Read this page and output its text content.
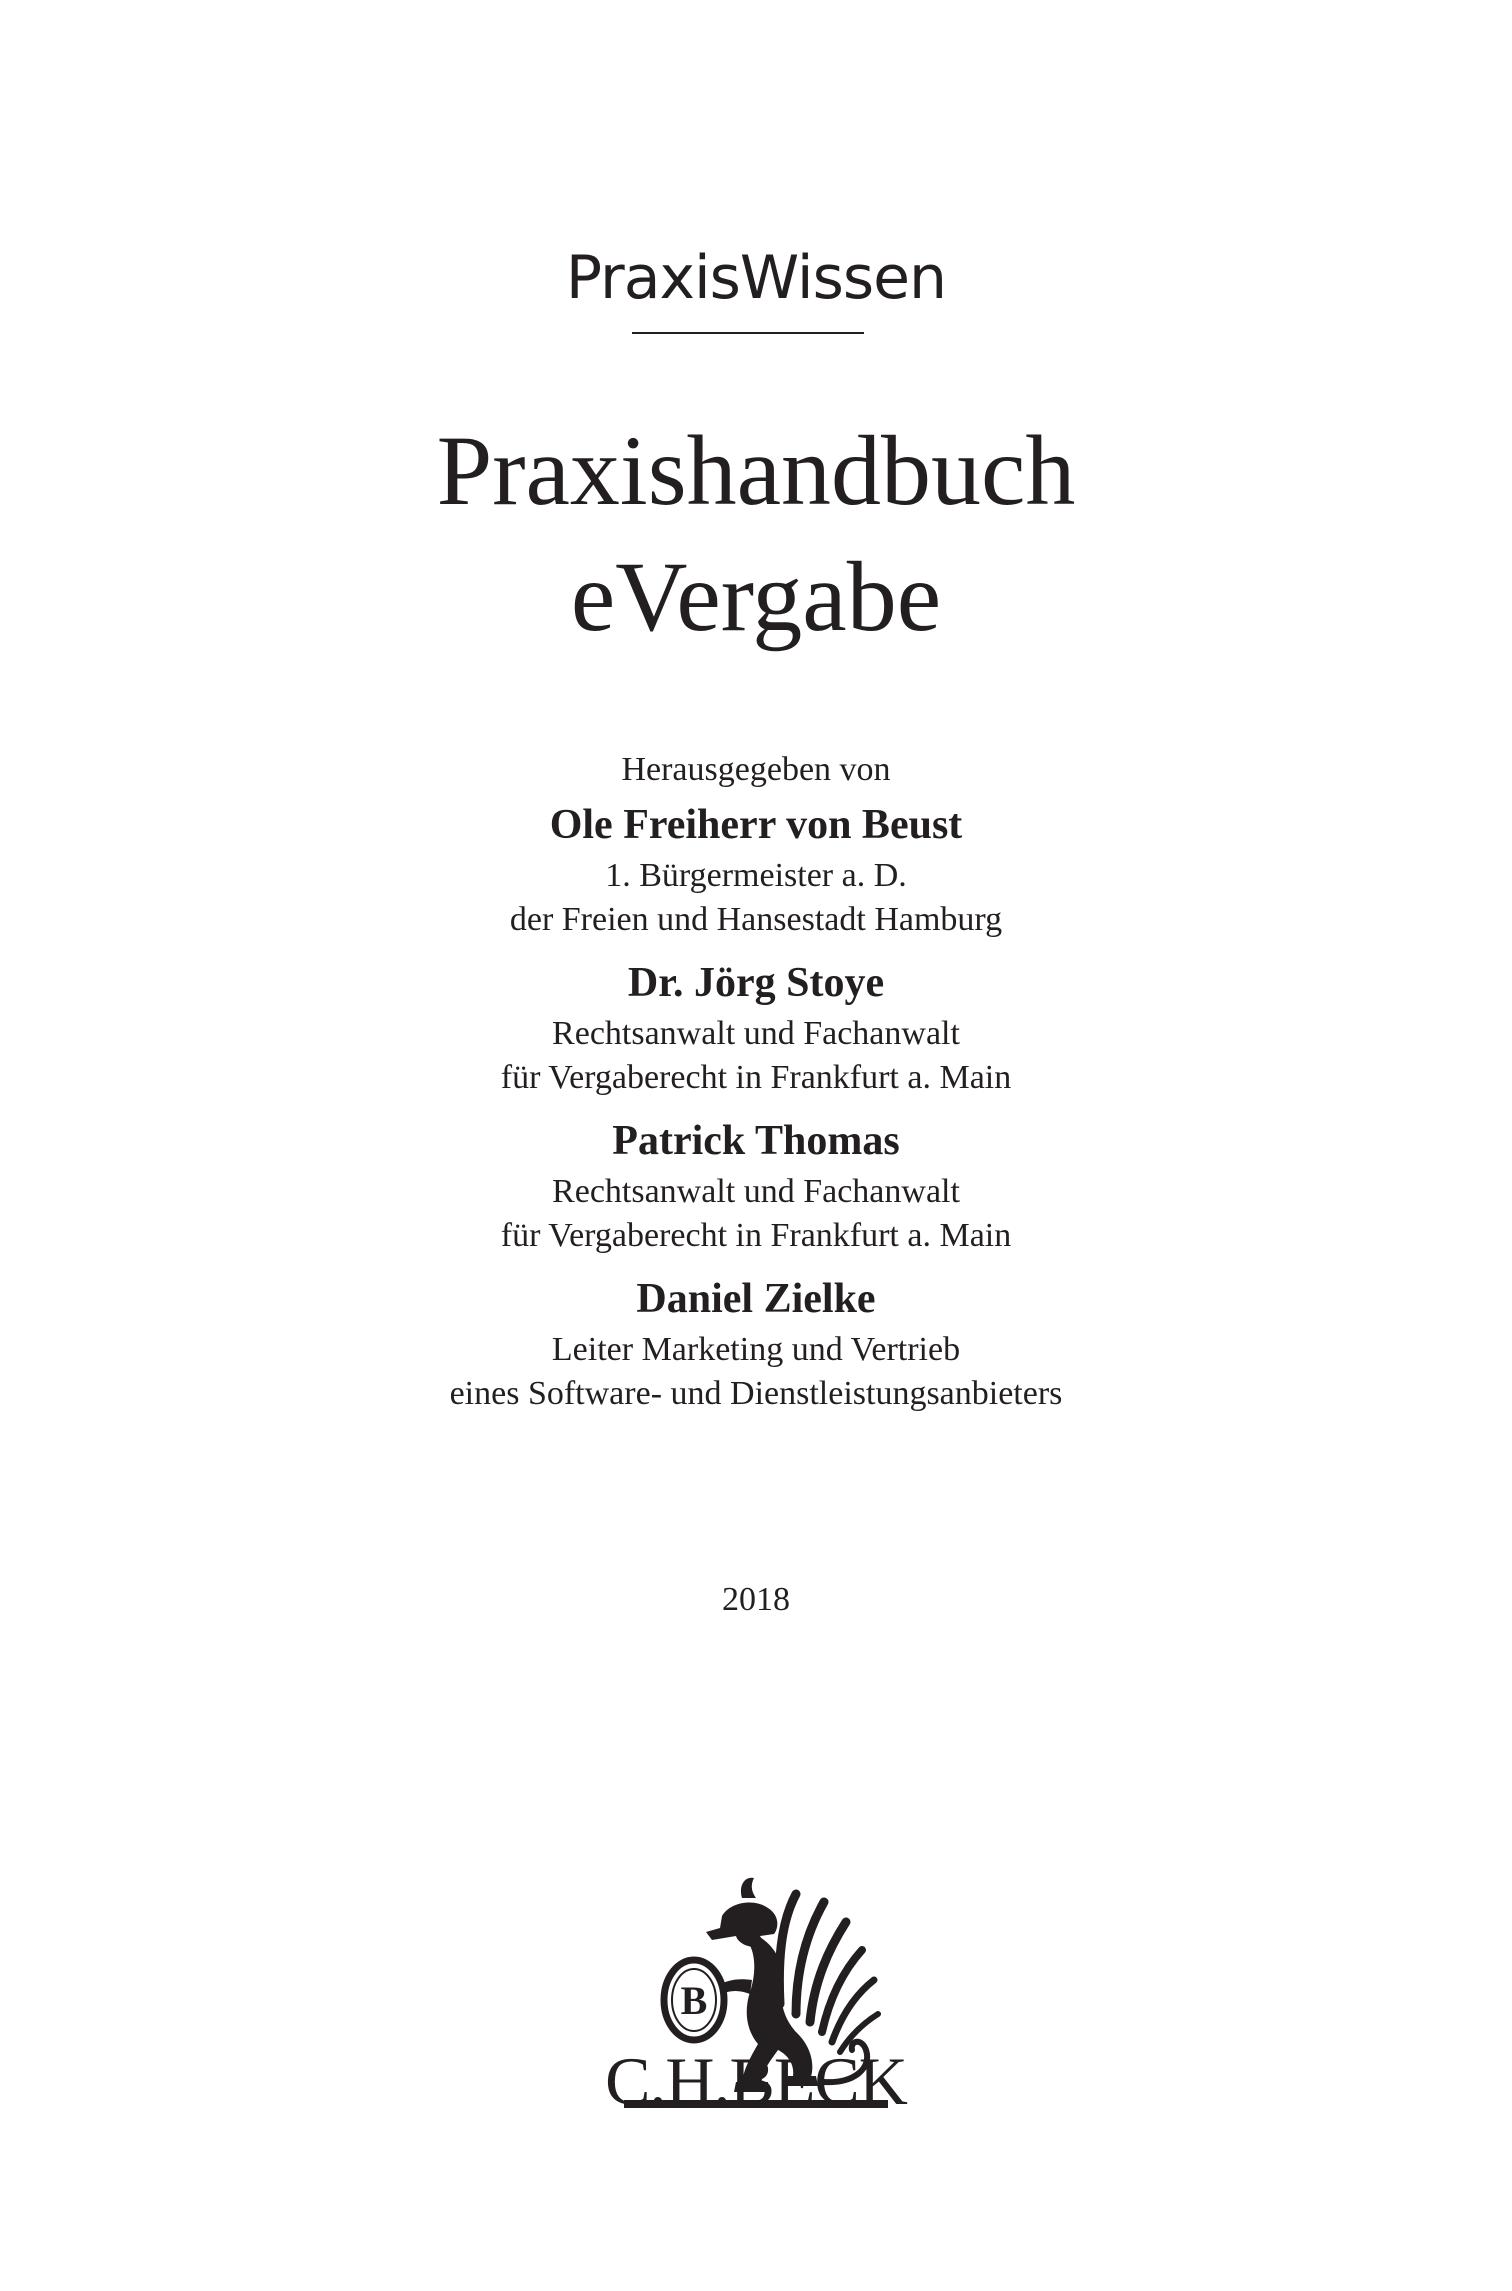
PraxisWissen
Praxishandbuch
eVergabe
Herausgegeben von
Ole Freiherr von Beust
1. Bürgermeister a. D.
der Freien und Hansestadt Hamburg
Dr. Jörg Stoye
Rechtsanwalt und Fachanwalt
für Vergaberecht in Frankfurt a. Main
Patrick Thomas
Rechtsanwalt und Fachanwalt
für Vergaberecht in Frankfurt a. Main
Daniel Zielke
Leiter Marketing und Vertrieb
eines Software- und Dienstleistungsanbieters
2018
B
C.H.BECK
